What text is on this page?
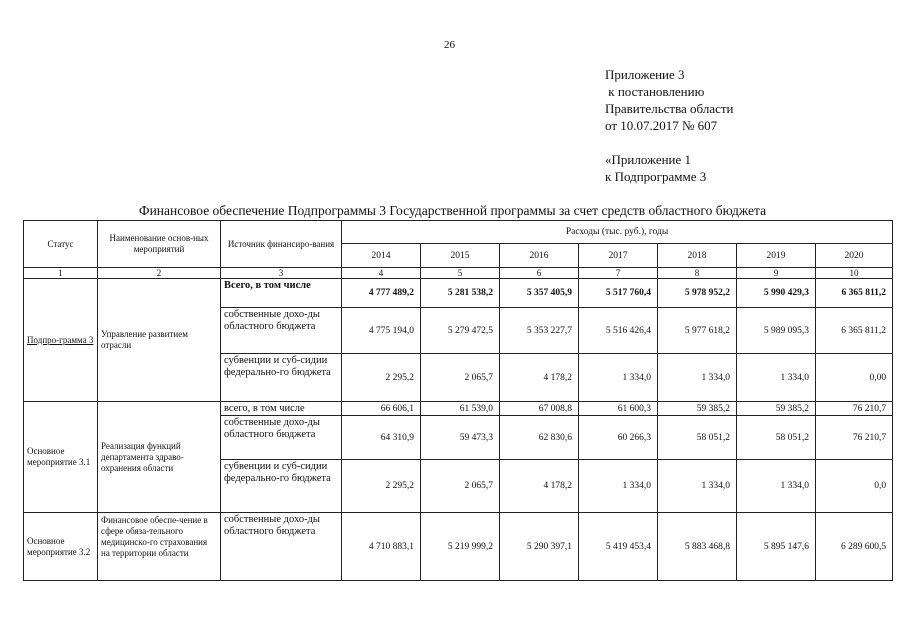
26
Приложение 3
к постановлению
Правительства области
от 10.07.2017 № 607
«Приложение 1
к Подпрограмме 3
Финансовое обеспечение Подпрограммы 3 Государственной программы за счет средств областного бюджета
Статус	Наименование основ-ных мероприятий	Источник финансиро-вания	Расходы (тыс. руб.), годы						
			2014	2015	2016	2017	2018	2019	2020
1	2	3	4	5	6	7	8	9	10
Подпро-грамма 3	Управление развитием отрасли	Всего, в том числе	4 777 489,2	5 281 538,2	5 357 405,9	5 517 760,4	5 978 952,2	5 990 429,3	6 365 811,2
		собственные дохо-ды областного бюджета	4 775 194,0	5 279 472,5	5 353 227,7	5 516 426,4	5 977 618,2	5 989 095,3	6 365 811,2
		субвенции и суб-сидии федерально-го бюджета	2 295,2	2 065,7	4 178,2	1 334,0	1 334,0	1 334,0	0,00
Основное мероприятие 3.1	Реализация функций департамента здраво-охранения области	всего, в том числе	66 606,1	61 539,0	67 008,8	61 600,3	59 385,2	59 385,2	76 210,7
		собственные дохо-ды областного бюджета	64 310,9	59 473,3	62 830,6	60 266,3	58 051,2	58 051,2	76 210,7
		субвенции и суб-сидии федерально-го бюджета	2 295,2	2 065,7	4 178,2	1 334,0	1 334,0	1 334,0	0,0
Основное мероприятие 3.2	Финансовое обеспе-чение в сфере обяза-тельного медицинско-го страхования на территории области	собственные дохо-ды областного бюджета	4 710 883,1	5 219 999,2	5 290 397,1	5 419 453,4	5 883 468,8	5 895 147,6	6 289 600,5
